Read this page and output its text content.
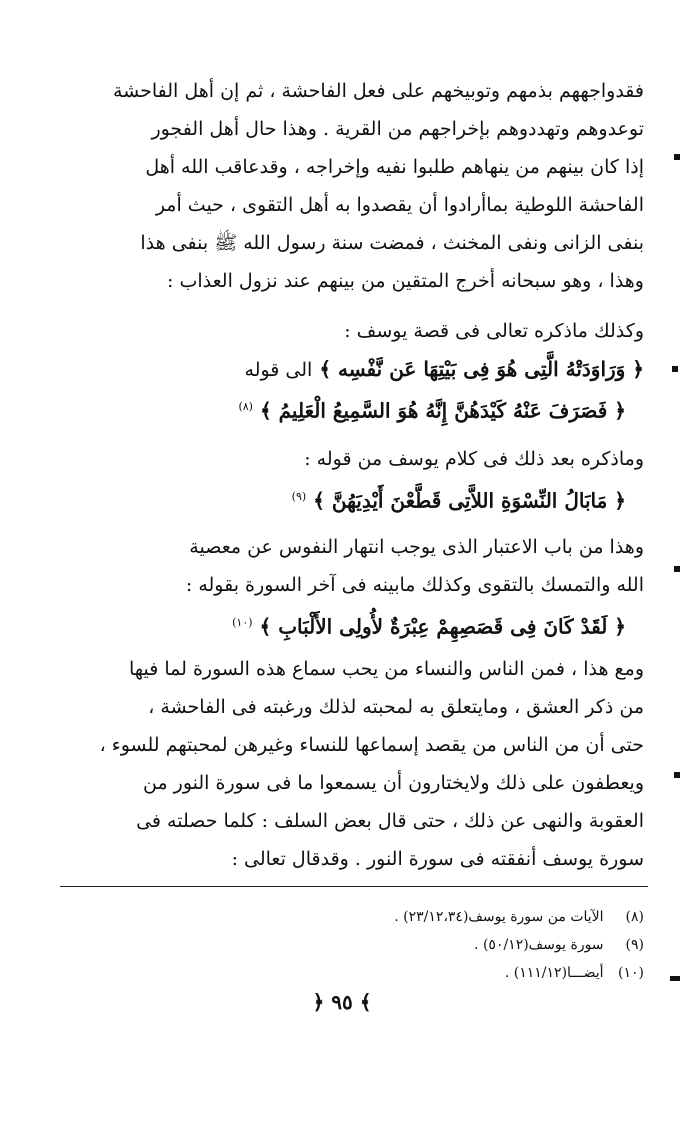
فقدواجههم بذمهم وتوبيخهم على فعل الفاحشة ، ثم إن أهل الفاحشة
توعدوهم وتهددوهم بإخراجهم من القرية . وهذا حال أهل الفجور
إذا كان بينهم من ينهاهم طلبوا نفيه وإخراجه ، وقدعاقب الله أهل
الفاحشة اللوطية بماأرادوا أن يقصدوا به أهل التقوى ، حيث أمر
بنفى الزانى ونفى المخنث ، فمضت سنة رسول الله ﷺ بنفى هذا
وهذا ، وهو سبحانه أخرج المتقين من بينهم عند نزول العذاب :
وكذلك ماذكره تعالى فى قصة يوسف :
﴿ وَرَاوَدَتْهُ الَّتِى هُوَ فِى بَيْتِهَا عَن نَّفْسِه ﴾ الى قوله
﴿ فَصَرَفَ عَنْهُ كَيْدَهُنَّ إِنَّهُ هُوَ السَّمِيعُ الْعَلِيمُ ﴾ $^{(٨)}$
وماذكره بعد ذلك فى كلام يوسف من قوله :
﴿ مَابَالُ النِّسْوَةِ اللاَّتِى قَطَّعْنَ أَيْدِيَهُنَّ ﴾ $^{(٩)}$
وهذا من باب الاعتبار الذى يوجب انتهار النفوس عن معصية
الله والتمسك بالتقوى وكذلك مابينه فى آخر السورة بقوله :
﴿ لَقَدْ كَانَ فِى قَصَصِهِمْ عِبْرَةٌ لأُولِى الأَلْبَابِ ﴾ $^{(١٠)}$
ومع هذا ، فمن الناس والنساء من يحب سماع هذه السورة لما فيها
من ذكر العشق ، ومايتعلق به لمحبته لذلك ورغبته فى الفاحشة ،
حتى أن من الناس من يقصد إسماعها للنساء وغيرهن لمحبتهم للسوء ،
ويعطفون على ذلك ولايختارون أن يسمعوا ما فى سورة النور من
العقوبة والنهى عن ذلك ، حتى قال بعض السلف : كلما حصلته فى
سورة يوسف أنفقته فى سورة النور . وقدقال تعالى :
(٨) الآيات من سورة يوسف(٢٣/١٢،٣٤) .
(٩) سورة يوسف(٥٠/١٢) .
(١٠) أيضـــا(١١١/١٢) .
﴿ ٩٥ ﴾
